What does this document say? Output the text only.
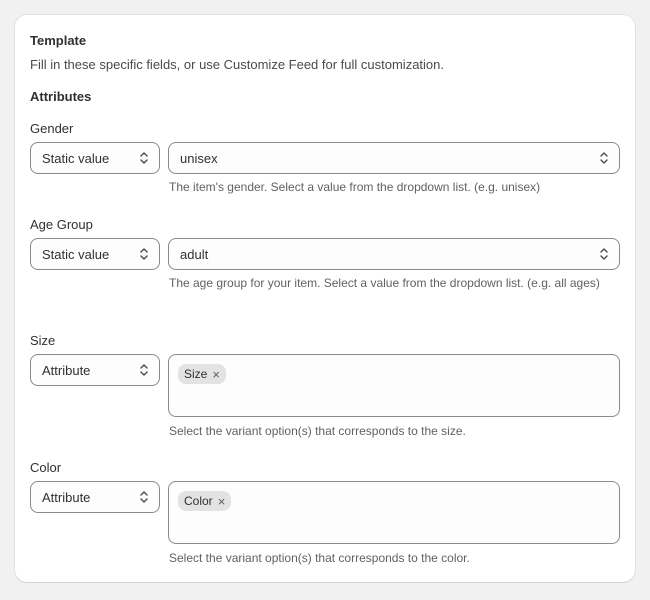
Template
Fill in these specific fields, or use Customize Feed for full customization.
Attributes
Gender
Static value	unisex
The item's gender. Select a value from the dropdown list. (e.g. unisex)
Age Group
Static value	adult
The age group for your item. Select a value from the dropdown list. (e.g. all ages)
Size
Attribute	Size ×
Select the variant option(s) that corresponds to the size.
Color
Attribute	Color ×
Select the variant option(s) that corresponds to the color.
